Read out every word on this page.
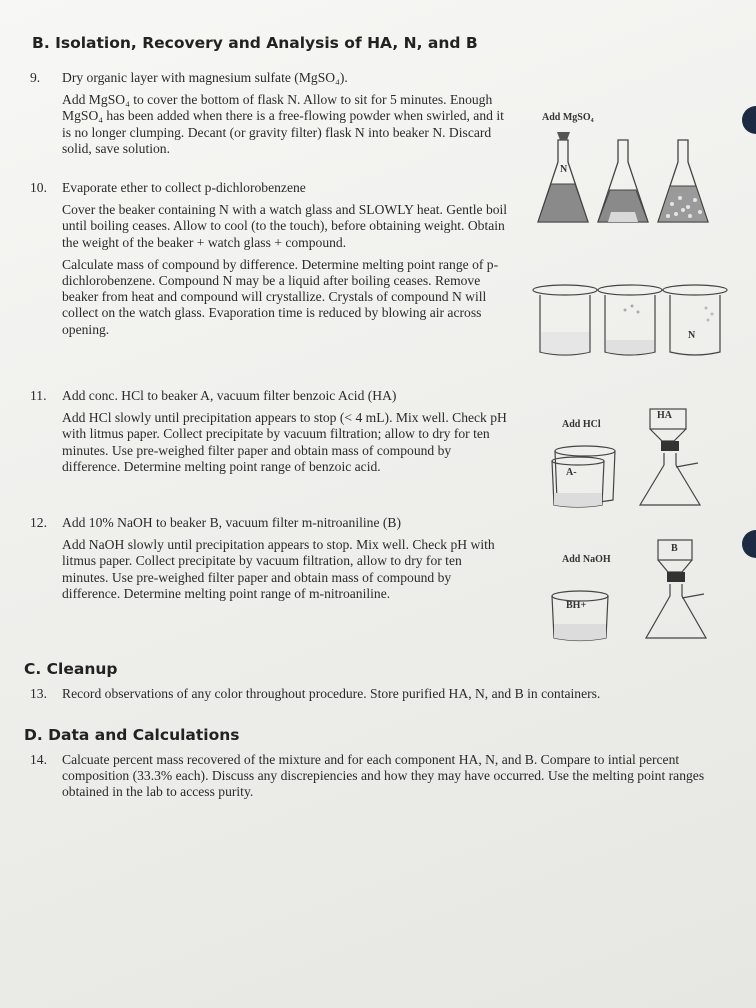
B. Isolation, Recovery and Analysis of HA, N, and B
9. Dry organic layer with magnesium sulfate (MgSO₄).
Add MgSO₄ to cover the bottom of flask N. Allow to sit for 5 minutes. Enough MgSO₄ has been added when there is a free-flowing powder when swirled, and it is no longer clumping. Decant (or gravity filter) flask N into beaker N. Discard solid, save solution.
10. Evaporate ether to collect p-dichlorobenzene
Cover the beaker containing N with a watch glass and SLOWLY heat. Gentle boil until boiling ceases. Allow to cool (to the touch), before obtaining weight. Obtain the weight of the beaker + watch glass + compound.
Calculate mass of compound by difference. Determine melting point range of p-dichlorobenzene. Compound N may be a liquid after boiling ceases. Remove beaker from heat and compound will crystallize. Crystals of compound N will collect on the watch glass. Evaporation time is reduced by blowing air across opening.
11. Add conc. HCl to beaker A, vacuum filter benzoic Acid (HA)
Add HCl slowly until precipitation appears to stop (< 4 mL). Mix well. Check pH with litmus paper. Collect precipitate by vacuum filtration; allow to dry for ten minutes. Use pre-weighed filter paper and obtain mass of compound by difference. Determine melting point range of benzoic acid.
12. Add 10% NaOH to beaker B, vacuum filter m-nitroaniline (B)
Add NaOH slowly until precipitation appears to stop. Mix well. Check pH with litmus paper. Collect precipitate by vacuum filtration, allow to dry for ten minutes. Use pre-weighed filter paper and obtain mass of compound by difference. Determine melting point range of m-nitroaniline.
C. Cleanup
13. Record observations of any color throughout procedure. Store purified HA, N, and B in containers.
D. Data and Calculations
14. Calcuate percent mass recovered of the mixture and for each component HA, N, and B. Compare to intial percent composition (33.3% each). Discuss any discrepiencies and how they may have occurred. Use the melting point ranges obtained in the lab to access purity.
Add MgSO₄
N
N
Add HCl
HA
A-
Add NaOH
B
BH+
